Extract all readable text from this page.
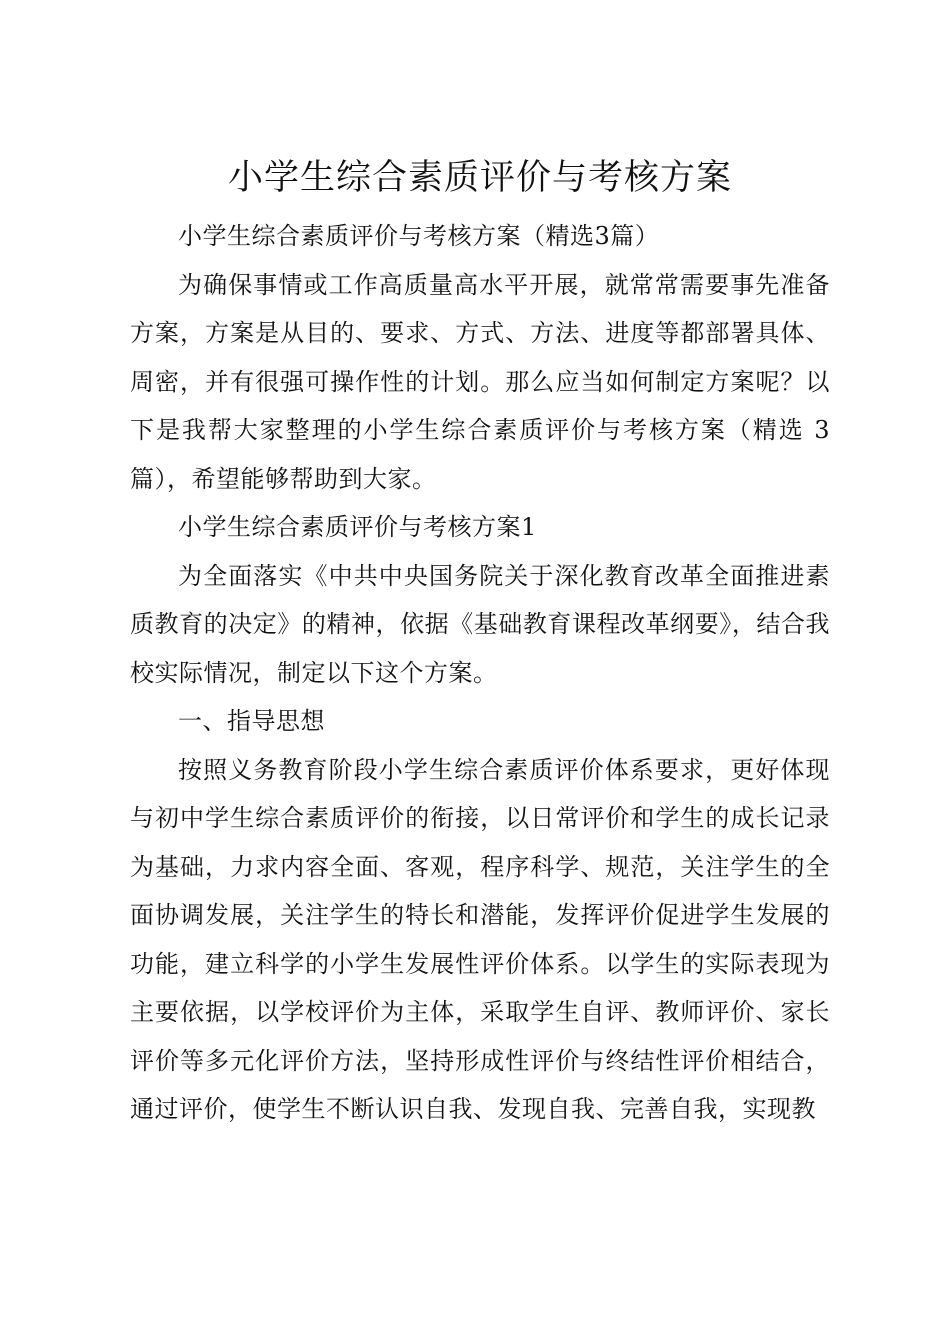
小学生综合素质评价与考核方案

小学生综合素质评价与考核方案（精选3篇）

为确保事情或工作高质量高水平开展，就常常需要事先准备方案，方案是从目的、要求、方式、方法、进度等都部署具体、周密，并有很强可操作性的计划。那么应当如何制定方案呢？以下是我帮大家整理的小学生综合素质评价与考核方案（精选 3篇），希望能够帮助到大家。

小学生综合素质评价与考核方案1

为全面落实《中共中央国务院关于深化教育改革全面推进素质教育的决定》的精神，依据《基础教育课程改革纲要》，结合我校实际情况，制定以下这个方案。

一、指导思想

按照义务教育阶段小学生综合素质评价体系要求，更好体现与初中学生综合素质评价的衔接，以日常评价和学生的成长记录为基础，力求内容全面、客观，程序科学、规范，关注学生的全面协调发展，关注学生的特长和潜能，发挥评价促进学生发展的功能，建立科学的小学生发展性评价体系。以学生的实际表现为主要依据，以学校评价为主体，采取学生自评、教师评价、家长评价等多元化评价方法，坚持形成性评价与终结性评价相结合，通过评价，使学生不断认识自我、发现自我、完善自我，实现教
